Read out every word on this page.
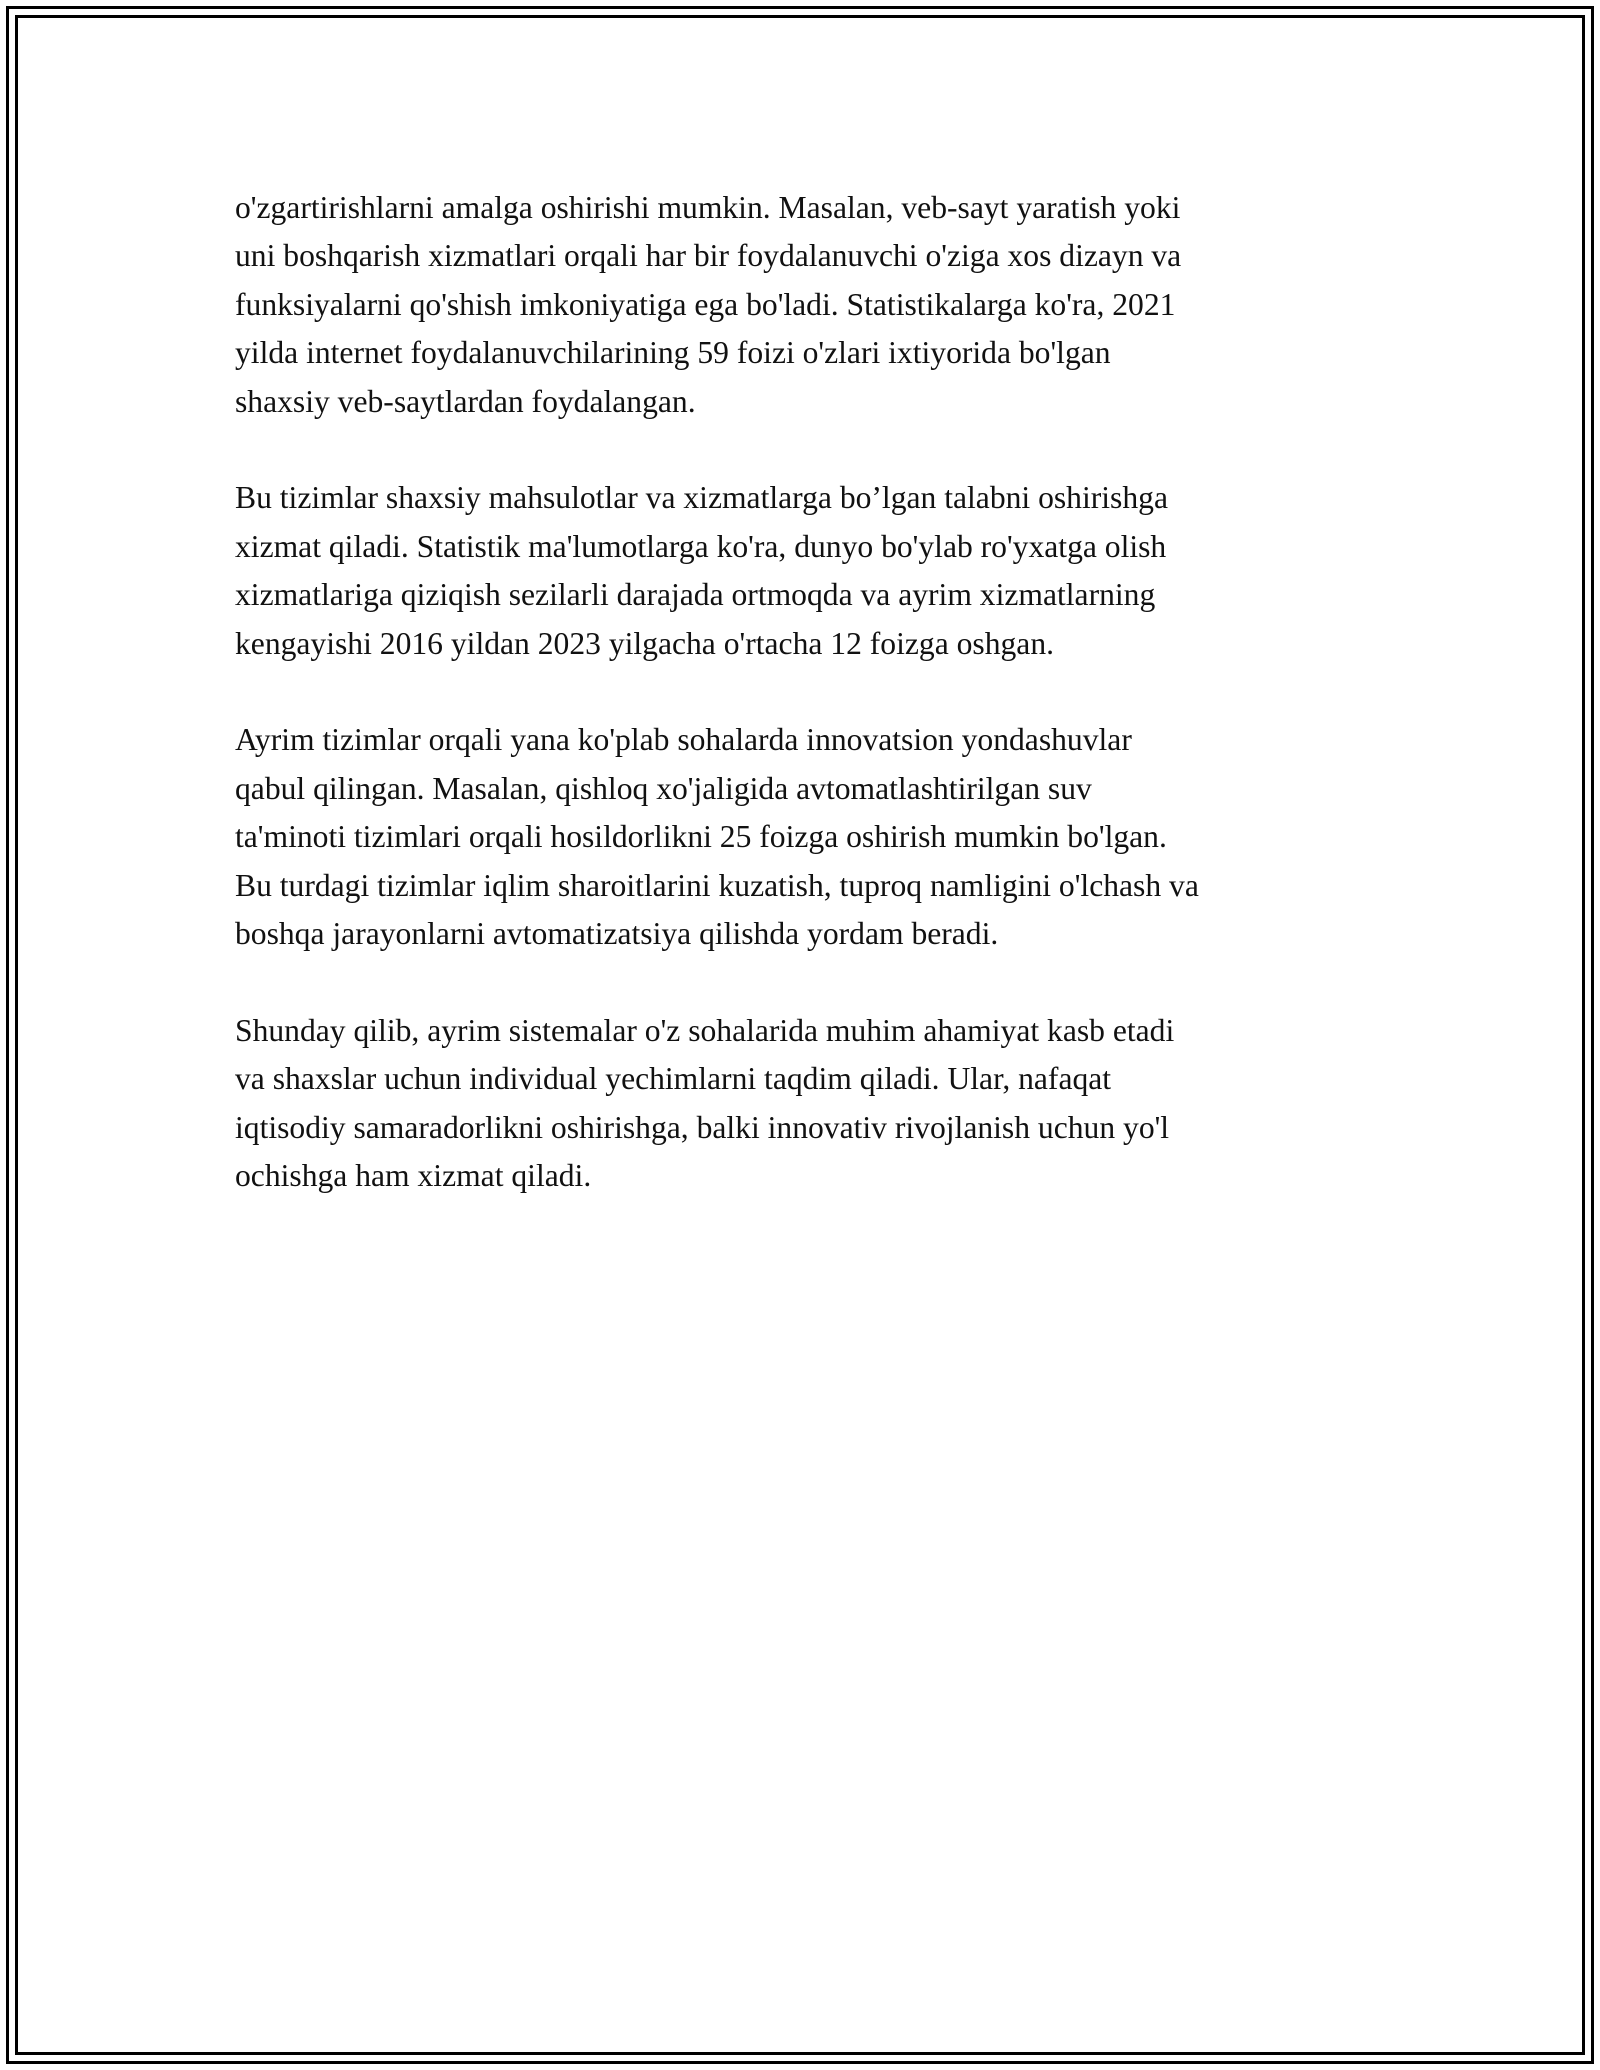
o'zgartirishlarni amalga oshirishi mumkin. Masalan, veb-sayt yaratish yoki
uni boshqarish xizmatlari orqali har bir foydalanuvchi o'ziga xos dizayn va
funksiyalarni qo'shish imkoniyatiga ega bo'ladi. Statistikalarga ko'ra, 2021
yilda internet foydalanuvchilarining 59 foizi o'zlari ixtiyorida bo'lgan
shaxsiy veb-saytlardan foydalangan.

Bu tizimlar shaxsiy mahsulotlar va xizmatlarga bo’lgan talabni oshirishga
xizmat qiladi. Statistik ma'lumotlarga ko'ra, dunyo bo'ylab ro'yxatga olish
xizmatlariga qiziqish sezilarli darajada ortmoqda va ayrim xizmatlarning
kengayishi 2016 yildan 2023 yilgacha o'rtacha 12 foizga oshgan.

Ayrim tizimlar orqali yana ko'plab sohalarda innovatsion yondashuvlar
qabul qilingan. Masalan, qishloq xo'jaligida avtomatlashtirilgan suv
ta'minoti tizimlari orqali hosildorlikni 25 foizga oshirish mumkin bo'lgan.
Bu turdagi tizimlar iqlim sharoitlarini kuzatish, tuproq namligini o'lchash va
boshqa jarayonlarni avtomatizatsiya qilishda yordam beradi.

Shunday qilib, ayrim sistemalar o'z sohalarida muhim ahamiyat kasb etadi
va shaxslar uchun individual yechimlarni taqdim qiladi. Ular, nafaqat
iqtisodiy samaradorlikni oshirishga, balki innovativ rivojlanish uchun yo'l
ochishga ham xizmat qiladi.
